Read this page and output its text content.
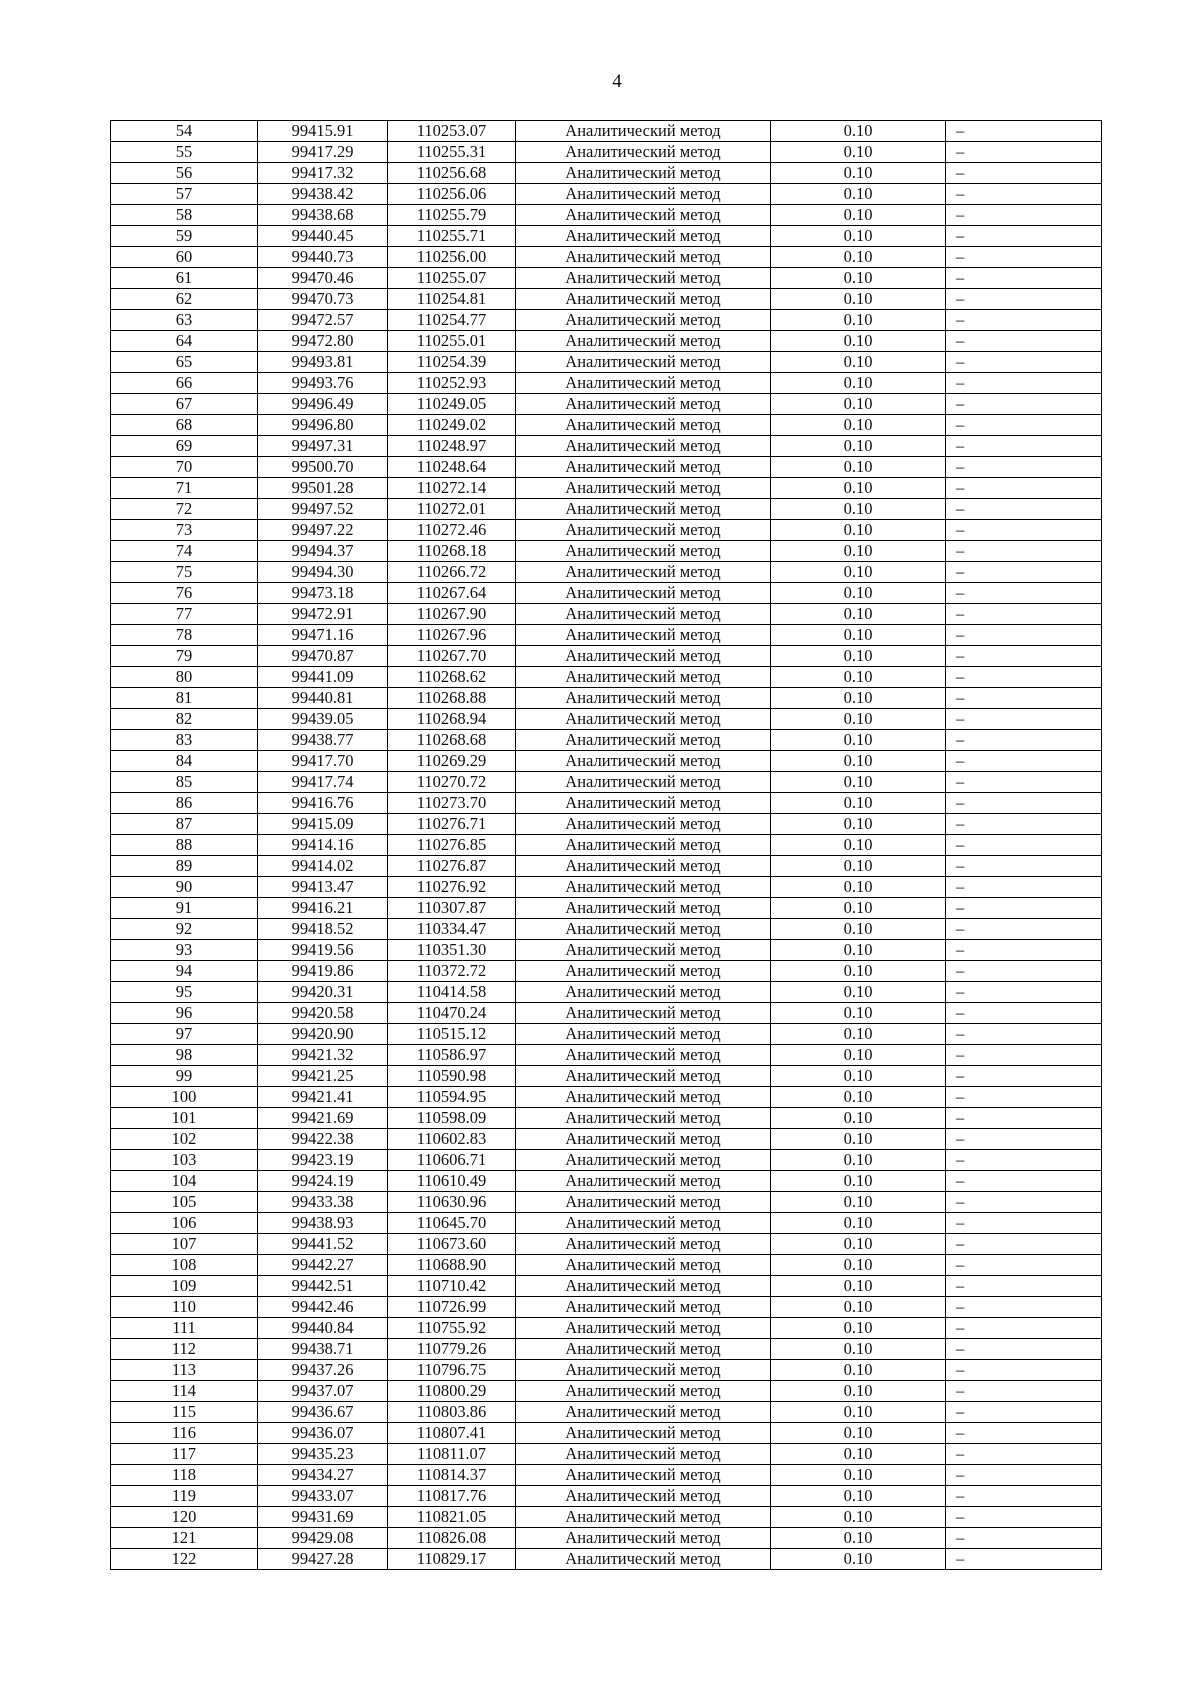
4
54	99415.91	110253.07	Аналитический метод	0.10	–
55	99417.29	110255.31	Аналитический метод	0.10	–
56	99417.32	110256.68	Аналитический метод	0.10	–
57	99438.42	110256.06	Аналитический метод	0.10	–
58	99438.68	110255.79	Аналитический метод	0.10	–
59	99440.45	110255.71	Аналитический метод	0.10	–
60	99440.73	110256.00	Аналитический метод	0.10	–
61	99470.46	110255.07	Аналитический метод	0.10	–
62	99470.73	110254.81	Аналитический метод	0.10	–
63	99472.57	110254.77	Аналитический метод	0.10	–
64	99472.80	110255.01	Аналитический метод	0.10	–
65	99493.81	110254.39	Аналитический метод	0.10	–
66	99493.76	110252.93	Аналитический метод	0.10	–
67	99496.49	110249.05	Аналитический метод	0.10	–
68	99496.80	110249.02	Аналитический метод	0.10	–
69	99497.31	110248.97	Аналитический метод	0.10	–
70	99500.70	110248.64	Аналитический метод	0.10	–
71	99501.28	110272.14	Аналитический метод	0.10	–
72	99497.52	110272.01	Аналитический метод	0.10	–
73	99497.22	110272.46	Аналитический метод	0.10	–
74	99494.37	110268.18	Аналитический метод	0.10	–
75	99494.30	110266.72	Аналитический метод	0.10	–
76	99473.18	110267.64	Аналитический метод	0.10	–
77	99472.91	110267.90	Аналитический метод	0.10	–
78	99471.16	110267.96	Аналитический метод	0.10	–
79	99470.87	110267.70	Аналитический метод	0.10	–
80	99441.09	110268.62	Аналитический метод	0.10	–
81	99440.81	110268.88	Аналитический метод	0.10	–
82	99439.05	110268.94	Аналитический метод	0.10	–
83	99438.77	110268.68	Аналитический метод	0.10	–
84	99417.70	110269.29	Аналитический метод	0.10	–
85	99417.74	110270.72	Аналитический метод	0.10	–
86	99416.76	110273.70	Аналитический метод	0.10	–
87	99415.09	110276.71	Аналитический метод	0.10	–
88	99414.16	110276.85	Аналитический метод	0.10	–
89	99414.02	110276.87	Аналитический метод	0.10	–
90	99413.47	110276.92	Аналитический метод	0.10	–
91	99416.21	110307.87	Аналитический метод	0.10	–
92	99418.52	110334.47	Аналитический метод	0.10	–
93	99419.56	110351.30	Аналитический метод	0.10	–
94	99419.86	110372.72	Аналитический метод	0.10	–
95	99420.31	110414.58	Аналитический метод	0.10	–
96	99420.58	110470.24	Аналитический метод	0.10	–
97	99420.90	110515.12	Аналитический метод	0.10	–
98	99421.32	110586.97	Аналитический метод	0.10	–
99	99421.25	110590.98	Аналитический метод	0.10	–
100	99421.41	110594.95	Аналитический метод	0.10	–
101	99421.69	110598.09	Аналитический метод	0.10	–
102	99422.38	110602.83	Аналитический метод	0.10	–
103	99423.19	110606.71	Аналитический метод	0.10	–
104	99424.19	110610.49	Аналитический метод	0.10	–
105	99433.38	110630.96	Аналитический метод	0.10	–
106	99438.93	110645.70	Аналитический метод	0.10	–
107	99441.52	110673.60	Аналитический метод	0.10	–
108	99442.27	110688.90	Аналитический метод	0.10	–
109	99442.51	110710.42	Аналитический метод	0.10	–
110	99442.46	110726.99	Аналитический метод	0.10	–
111	99440.84	110755.92	Аналитический метод	0.10	–
112	99438.71	110779.26	Аналитический метод	0.10	–
113	99437.26	110796.75	Аналитический метод	0.10	–
114	99437.07	110800.29	Аналитический метод	0.10	–
115	99436.67	110803.86	Аналитический метод	0.10	–
116	99436.07	110807.41	Аналитический метод	0.10	–
117	99435.23	110811.07	Аналитический метод	0.10	–
118	99434.27	110814.37	Аналитический метод	0.10	–
119	99433.07	110817.76	Аналитический метод	0.10	–
120	99431.69	110821.05	Аналитический метод	0.10	–
121	99429.08	110826.08	Аналитический метод	0.10	–
122	99427.28	110829.17	Аналитический метод	0.10	–
